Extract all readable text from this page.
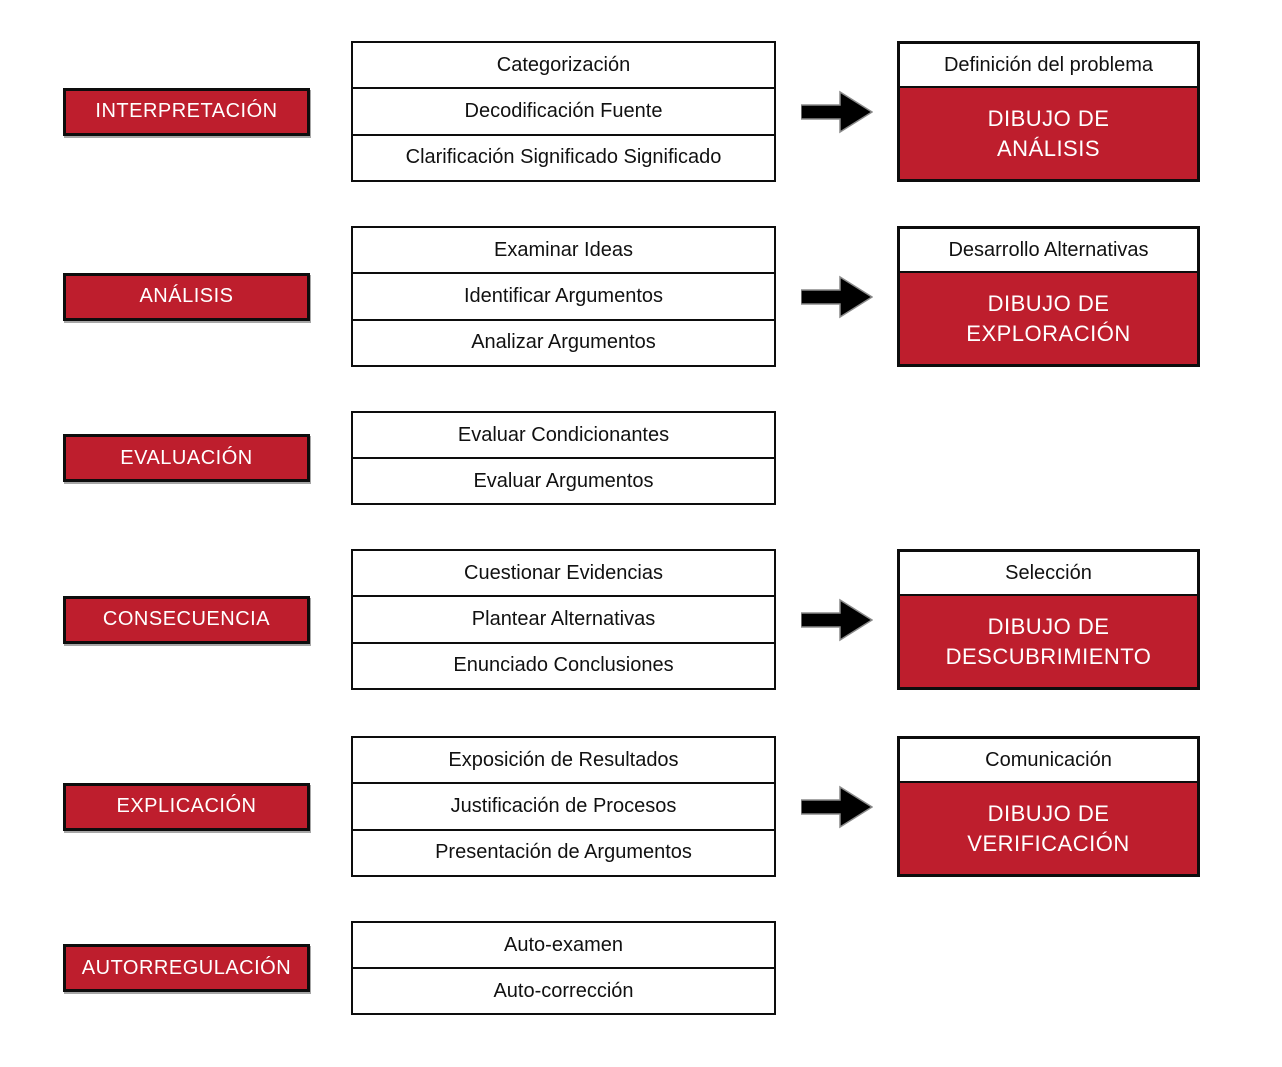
INTERPRETACIÓN
Categorización
Decodificación Fuente
Clarificación Significado Significado
Definición del problema
DIBUJO DE
ANÁLISIS
ANÁLISIS
Examinar Ideas
Identificar Argumentos
Analizar Argumentos
Desarrollo Alternativas
DIBUJO DE
EXPLORACIÓN
EVALUACIÓN
Evaluar Condicionantes
Evaluar Argumentos
CONSECUENCIA
Cuestionar Evidencias
Plantear Alternativas
Enunciado Conclusiones
Selección
DIBUJO DE
DESCUBRIMIENTO
EXPLICACIÓN
Exposición de Resultados
Justificación de Procesos
Presentación de Argumentos
Comunicación
DIBUJO DE
VERIFICACIÓN
AUTORREGULACIÓN
Auto-examen
Auto-corrección
